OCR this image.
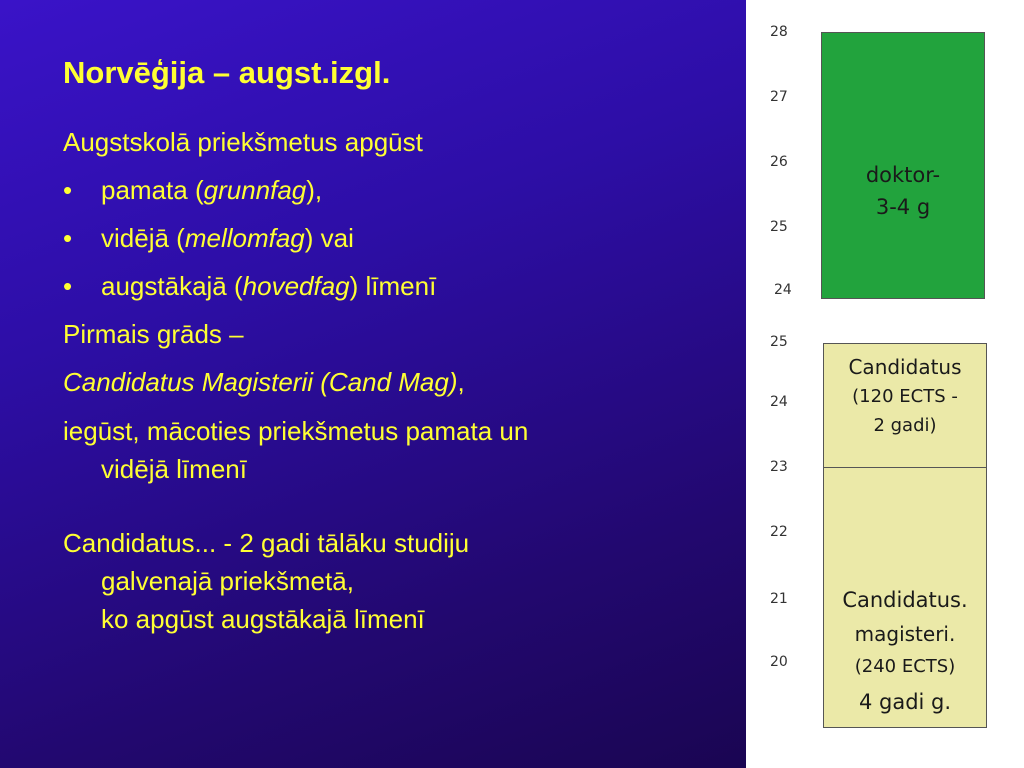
Norvēģija – augst.izgl.
Augstskolā priekšmetus apgūst
• pamata (grunnfag),
• vidējā (mellomfag) vai
• augstākajā (hovedfag) līmenī
Pirmais grāds –
Candidatus Magisterii (Cand Mag),
iegūst, mācoties priekšmetus pamata un
vidējā līmenī
Candidatus... - 2 gadi tālāku studiju
galvenajā priekšmetā,
ko apgūst augstākajā līmenī
28
27
26
25
24
25
24
23
22
21
20
doktor-
3-4 g
Candidatus
(120 ECTS -
2 gadi)
Candidatus.
magisteri.
(240 ECTS)
4 gadi g.
